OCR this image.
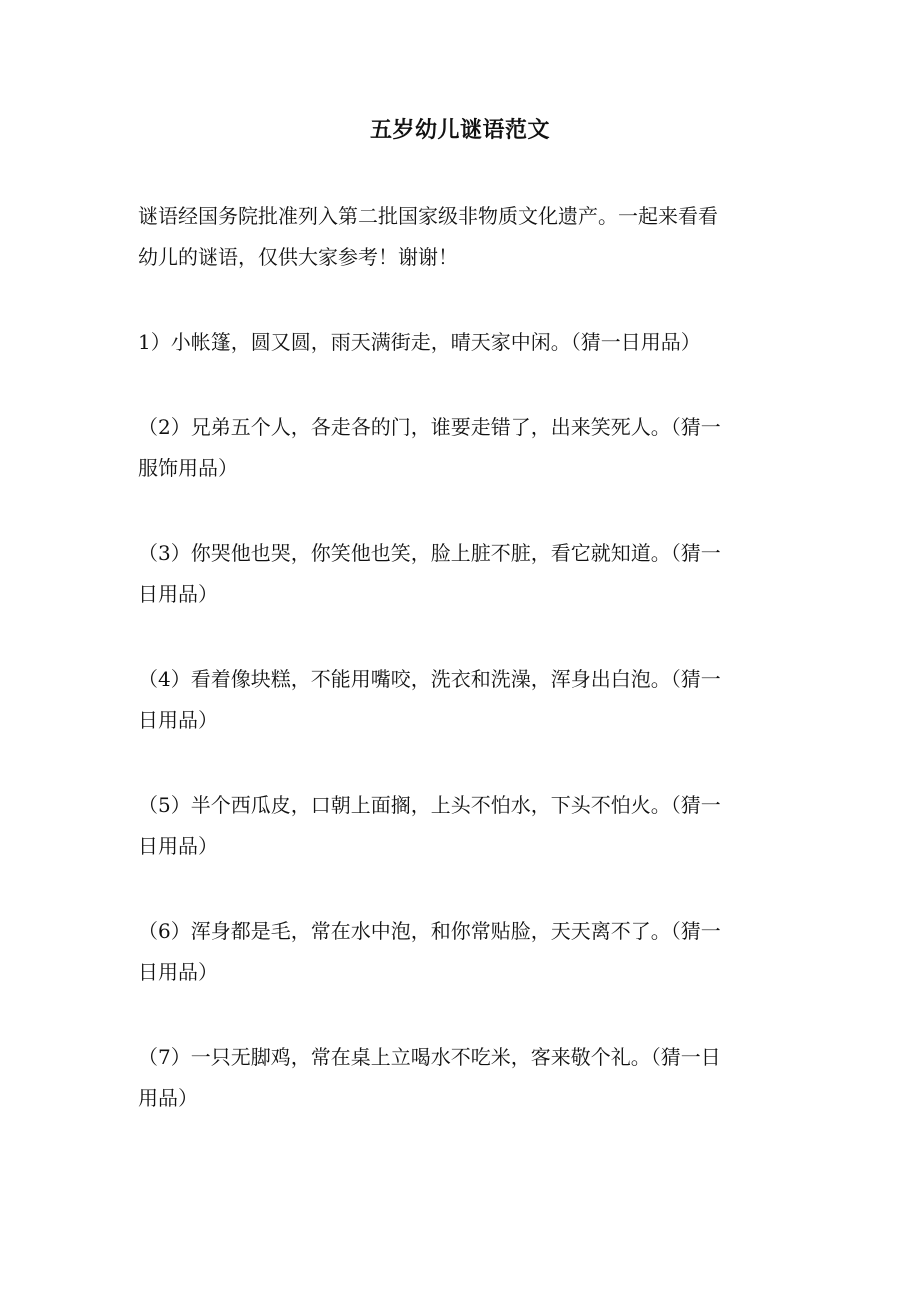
五岁幼儿谜语范文

谜语经国务院批准列入第二批国家级非物质文化遗产。一起来看看
幼儿的谜语，仅供大家参考！谢谢！

1）小帐篷，圆又圆，雨天满街走，晴天家中闲。（猜一日用品）

（2）兄弟五个人，各走各的门，谁要走错了，出来笑死人。（猜一
服饰用品）

（3）你哭他也哭，你笑他也笑，脸上脏不脏，看它就知道。（猜一
日用品）

（4）看着像块糕，不能用嘴咬，洗衣和洗澡，浑身出白泡。（猜一
日用品）

（5）半个西瓜皮，口朝上面搁，上头不怕水，下头不怕火。（猜一
日用品）

（6）浑身都是毛，常在水中泡，和你常贴脸，天天离不了。（猜一
日用品）

（7）一只无脚鸡，常在桌上立喝水不吃米，客来敬个礼。（猜一日
用品）
